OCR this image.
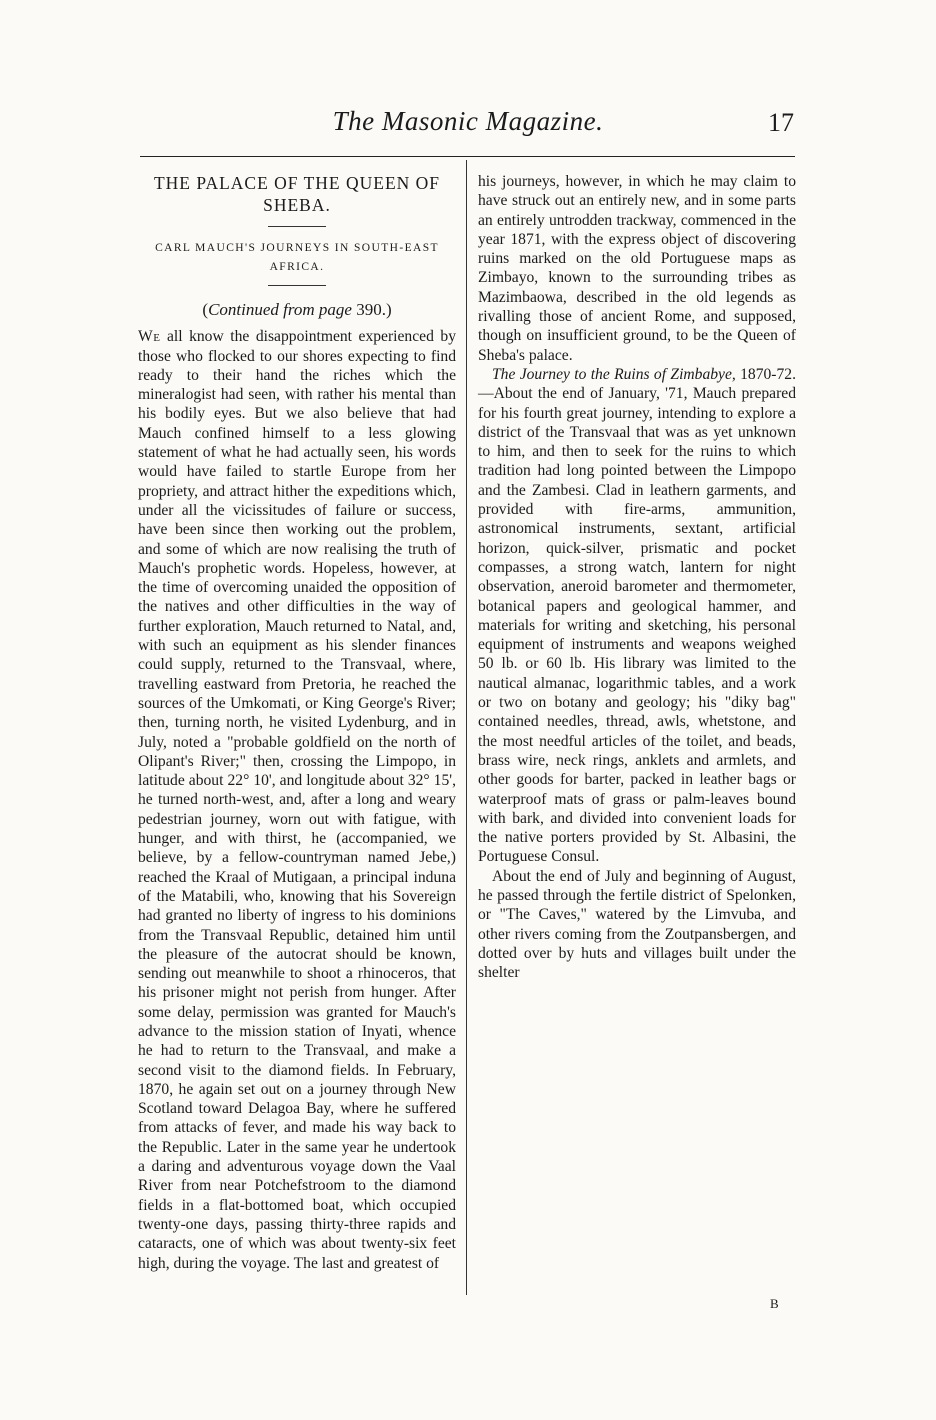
The Masonic Magazine.	17
THE PALACE OF THE QUEEN OF SHEBA.
CARL MAUCH'S JOURNEYS IN SOUTH-EAST AFRICA.
(Continued from page 390.)

We all know the disappointment experienced by those who flocked to our shores expecting to find ready to their hand the riches which the mineralogist had seen, with rather his mental than his bodily eyes. But we also believe that had Mauch confined himself to a less glowing statement of what he had actually seen, his words would have failed to startle Europe from her propriety, and attract hither the expeditions which, under all the vicissitudes of failure or success, have been since then working out the problem, and some of which are now realising the truth of Mauch's prophetic words. Hopeless, however, at the time of overcoming unaided the opposition of the natives and other difficulties in the way of further exploration, Mauch returned to Natal, and, with such an equipment as his slender finances could supply, returned to the Transvaal, where, travelling eastward from Pretoria, he reached the sources of the Umkomati, or King George's River; then, turning north, he visited Lydenburg, and in July, noted a "probable goldfield on the north of Olipant's River;" then, crossing the Limpopo, in latitude about 22° 10', and longitude about 32° 15', he turned north-west, and, after a long and weary pedestrian journey, worn out with fatigue, with hunger, and with thirst, he (accompanied, we believe, by a fellow-countryman named Jebe,) reached the Kraal of Mutigaan, a principal induna of the Matabili, who, knowing that his Sovereign had granted no liberty of ingress to his dominions from the Transvaal Republic, detained him until the pleasure of the autocrat should be known, sending out meanwhile to shoot a rhinoceros, that his prisoner might not perish from hunger. After some delay, permission was granted for Mauch's advance to the mission station of Inyati, whence he had to return to the Transvaal, and make a second visit to the diamond fields. In February, 1870, he again set out on a journey through New Scotland toward Delagoa Bay, where he suffered from attacks of fever, and made his way back to the Republic. Later in the same year he undertook a daring and adventurous voyage down the Vaal River from near Potchefstroom to the diamond fields in a flat-bottomed boat, which occupied twenty-one days, passing thirty-three rapids and cataracts, one of which was about twenty-six feet high, during the voyage. The last and greatest of

his journeys, however, in which he may claim to have struck out an entirely new, and in some parts an entirely untrodden trackway, commenced in the year 1871, with the express object of discovering ruins marked on the old Portuguese maps as Zimbayo, known to the surrounding tribes as Mazimbaowa, described in the old legends as rivalling those of ancient Rome, and supposed, though on insufficient ground, to be the Queen of Sheba's palace.

The Journey to the Ruins of Zimbabye, 1870-72.—About the end of January, '71, Mauch prepared for his fourth great journey, intending to explore a district of the Transvaal that was as yet unknown to him, and then to seek for the ruins to which tradition had long pointed between the Limpopo and the Zambesi. Clad in leathern garments, and provided with fire-arms, ammunition, astronomical instruments, sextant, artificial horizon, quick-silver, prismatic and pocket compasses, a strong watch, lantern for night observation, aneroid barometer and thermometer, botanical papers and geological hammer, and materials for writing and sketching, his personal equipment of instruments and weapons weighed 50 lb. or 60 lb. His library was limited to the nautical almanac, logarithmic tables, and a work or two on botany and geology; his "diky bag" contained needles, thread, awls, whetstone, and the most needful articles of the toilet, and beads, brass wire, neck rings, anklets and armlets, and other goods for barter, packed in leather bags or waterproof mats of grass or palm-leaves bound with bark, and divided into convenient loads for the native porters provided by St. Albasini, the Portuguese Consul.

About the end of July and beginning of August, he passed through the fertile district of Spelonken, or "The Caves," watered by the Limvuba, and other rivers coming from the Zoutpansbergen, and dotted over by huts and villages built under the shelter

B
